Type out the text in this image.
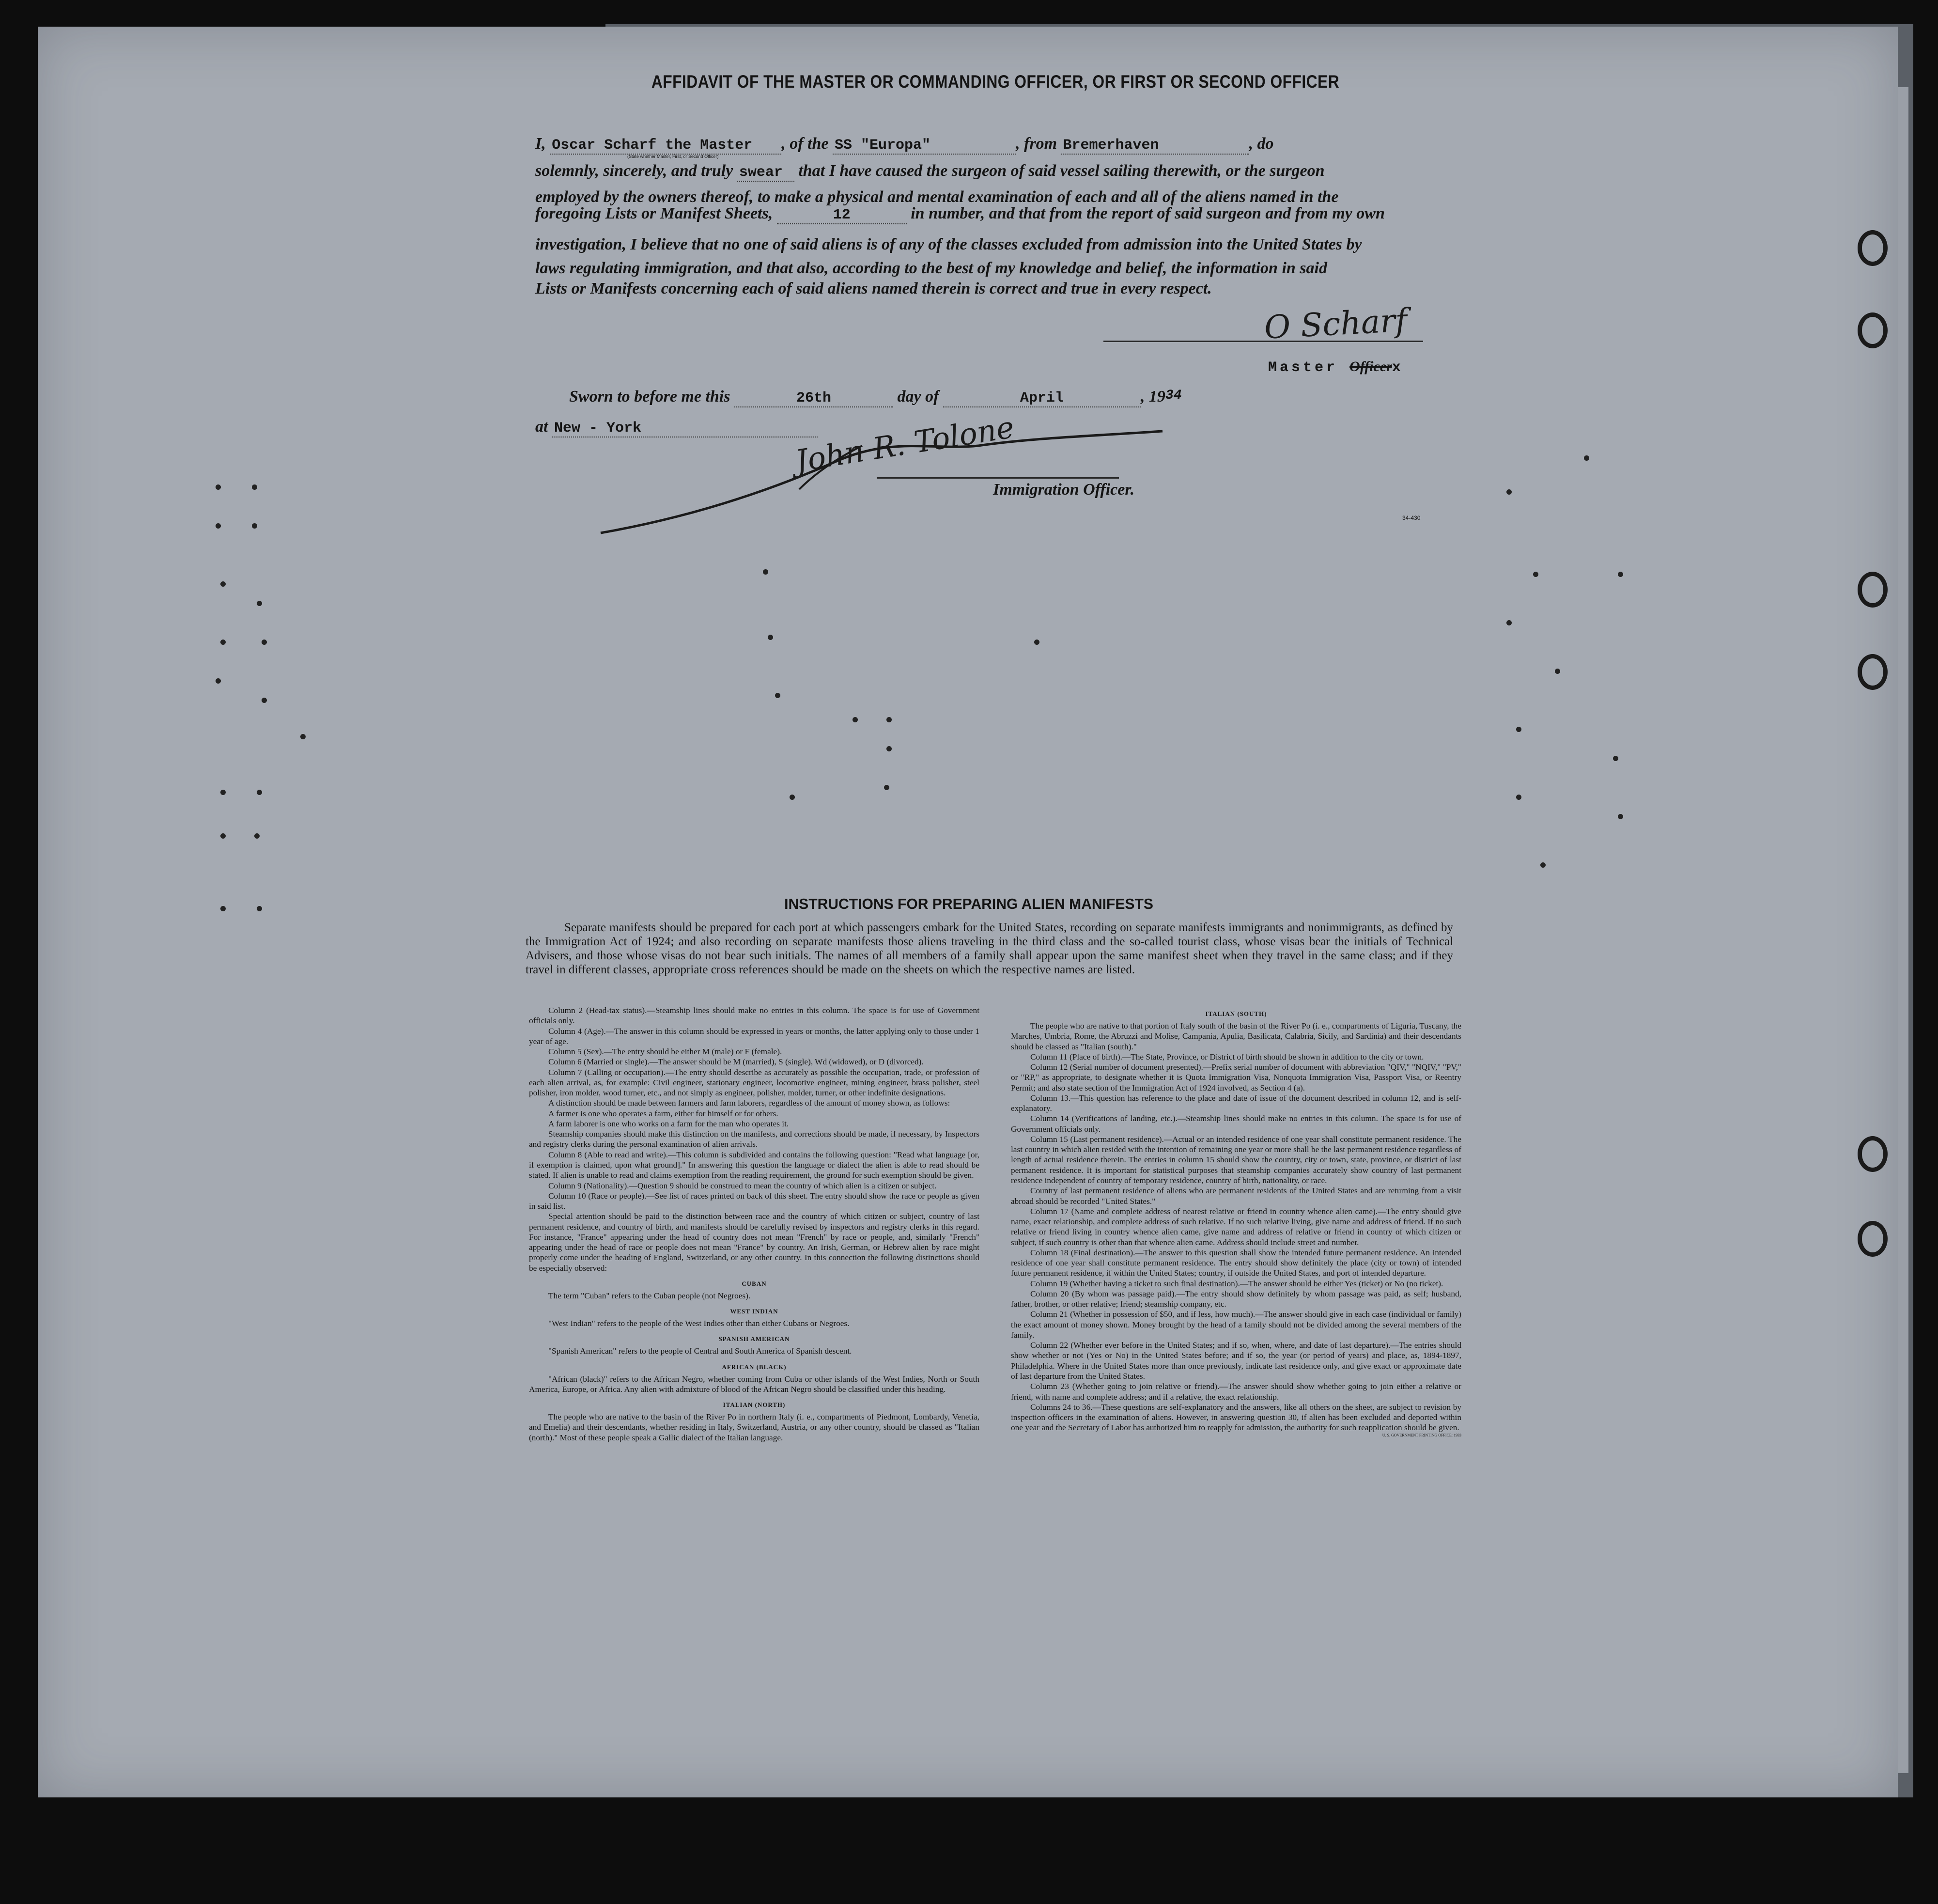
AFFIDAVIT OF THE MASTER OR COMMANDING OFFICER, OR FIRST OR SECOND OFFICER
I, Oscar Scharf the Master , of the SS "Europa"	, from Bremerhaven	, do
(State whether Master, First, or Second Officer)
solemnly, sincerely, and truly swear that I have caused the surgeon of said vessel sailing therewith, or the surgeon
employed by the owners thereof, to make a physical and mental examination of each and all of the aliens named in the
foregoing Lists or Manifest Sheets,	12	in number, and that from the report of said surgeon and from my own
investigation, I believe that no one of said aliens is of any of the classes excluded from admission into the United States by
laws regulating immigration, and that also, according to the best of my knowledge and belief, the information in said
Lists or Manifests concerning each of said aliens named therein is correct and true in every respect.
O Scharf
Master Officerx
Sworn to before me this	26th	day of	April	, 1934
at New - York	John R. Tolone
Immigration Officer.
34-430
INSTRUCTIONS FOR PREPARING ALIEN MANIFESTS
Separate manifests should be prepared for each port at which passengers embark for the United States, recording on separate manifests immigrants and nonimmigrants, as defined by the Immigration Act of 1924; and also recording on separate manifests those aliens traveling in the third class and the so-called tourist class, whose visas bear the initials of Technical Advisers, and those whose visas do not bear such initials. The names of all members of a family shall appear upon the same manifest sheet when they travel in the same class; and if they travel in different classes, appropriate cross references should be made on the sheets on which the respective names are listed.

Column 2 (Head-tax status).—Steamship lines should make no entries in this column. The space is for use of Government officials only.

Column 4 (Age).—The answer in this column should be expressed in years or months, the latter applying only to those under 1 year of age.

Column 5 (Sex).—The entry should be either M (male) or F (female).

Column 6 (Married or single).—The answer should be M (married), S (single), Wd (widowed), or D (divorced).

Column 7 (Calling or occupation).—The entry should describe as accurately as possible the occupation, trade, or profession of each alien arrival, as, for example: Civil engineer, stationary engineer, locomotive engineer, mining engineer, brass polisher, steel polisher, iron molder, wood turner, etc., and not simply as engineer, polisher, molder, turner, or other indefinite designations.

A distinction should be made between farmers and farm laborers, regardless of the amount of money shown, as follows:

A farmer is one who operates a farm, either for himself or for others.

A farm laborer is one who works on a farm for the man who operates it.

Steamship companies should make this distinction on the manifests, and corrections should be made, if necessary, by Inspectors and registry clerks during the personal examination of alien arrivals.

Column 8 (Able to read and write).—This column is subdivided and contains the following question: "Read what language [or, if exemption is claimed, upon what ground]." In answering this question the language or dialect the alien is able to read should be stated. If alien is unable to read and claims exemption from the reading requirement, the ground for such exemption should be given.

Column 9 (Nationality).—Question 9 should be construed to mean the country of which alien is a citizen or subject.

Column 10 (Race or people).—See list of races printed on back of this sheet. The entry should show the race or people as given in said list.

Special attention should be paid to the distinction between race and the country of which citizen or subject, country of last permanent residence, and country of birth, and manifests should be carefully revised by inspectors and registry clerks in this regard. For instance, "France" appearing under the head of country does not mean "French" by race or people, and, similarly "French" appearing under the head of race or people does not mean "France" by country. An Irish, German, or Hebrew alien by race might properly come under the heading of England, Switzerland, or any other country. In this connection the following distinctions should be especially observed:

CUBAN

The term "Cuban" refers to the Cuban people (not Negroes).

WEST INDIAN

"West Indian" refers to the people of the West Indies other than either Cubans or Negroes.

SPANISH AMERICAN

"Spanish American" refers to the people of Central and South America of Spanish descent.

AFRICAN (BLACK)

"African (black)" refers to the African Negro, whether coming from Cuba or other islands of the West Indies, North or South America, Europe, or Africa. Any alien with admixture of blood of the African Negro should be classified under this heading.

ITALIAN (NORTH)

The people who are native to the basin of the River Po in northern Italy (i. e., compartments of Piedmont, Lombardy, Venetia, and Emelia) and their descendants, whether residing in Italy, Switzerland, Austria, or any other country, should be classed as "Italian (north)." Most of these people speak a Gallic dialect of the Italian language.

ITALIAN (SOUTH)

The people who are native to that portion of Italy south of the basin of the River Po (i. e., compartments of Liguria, Tuscany, the Marches, Umbria, Rome, the Abruzzi and Molise, Campania, Apulia, Basilicata, Calabria, Sicily, and Sardinia) and their descendants should be classed as "Italian (south)."

Column 11 (Place of birth).—The State, Province, or District of birth should be shown in addition to the city or town.

Column 12 (Serial number of document presented).—Prefix serial number of document with abbreviation "QIV," "NQIV," "PV," or "RP," as appropriate, to designate whether it is Quota Immigration Visa, Nonquota Immigration Visa, Passport Visa, or Reentry Permit; and also state section of the Immigration Act of 1924 involved, as Section 4 (a).

Column 13.—This question has reference to the place and date of issue of the document described in column 12, and is self-explanatory.

Column 14 (Verifications of landing, etc.).—Steamship lines should make no entries in this column. The space is for use of Government officials only.

Column 15 (Last permanent residence).—Actual or an intended residence of one year shall constitute permanent residence. The last country in which alien resided with the intention of remaining one year or more shall be the last permanent residence regardless of length of actual residence therein. The entries in column 15 should show the country, city or town, state, province, or district of last permanent residence. It is important for statistical purposes that steamship companies accurately show country of last permanent residence independent of country of temporary residence, country of birth, nationality, or race.

Country of last permanent residence of aliens who are permanent residents of the United States and are returning from a visit abroad should be recorded "United States."

Column 17 (Name and complete address of nearest relative or friend in country whence alien came).—The entry should give name, exact relationship, and complete address of such relative. If no such relative living, give name and address of friend. If no such relative or friend living in country whence alien came, give name and address of relative or friend in country of which citizen or subject, if such country is other than that whence alien came. Address should include street and number.

Column 18 (Final destination).—The answer to this question shall show the intended future permanent residence. An intended residence of one year shall constitute permanent residence. The entry should show definitely the place (city or town) of intended future permanent residence, if within the United States; country, if outside the United States, and port of intended departure.

Column 19 (Whether having a ticket to such final destination).—The answer should be either Yes (ticket) or No (no ticket).

Column 20 (By whom was passage paid).—The entry should show definitely by whom passage was paid, as self; husband, father, brother, or other relative; friend; steamship company, etc.

Column 21 (Whether in possession of $50, and if less, how much).—The answer should give in each case (individual or family) the exact amount of money shown. Money brought by the head of a family should not be divided among the several members of the family.

Column 22 (Whether ever before in the United States; and if so, when, where, and date of last departure).—The entries should show whether or not (Yes or No) in the United States before; and if so, the year (or period of years) and place, as, 1894-1897, Philadelphia. Where in the United States more than once previously, indicate last residence only, and give exact or approximate date of last departure from the United States.

Column 23 (Whether going to join relative or friend).—The answer should show whether going to join either a relative or friend, with name and complete address; and if a relative, the exact relationship.

Columns 24 to 36.—These questions are self-explanatory and the answers, like all others on the sheet, are subject to revision by inspection officers in the examination of aliens. However, in answering question 30, if alien has been excluded and deported within one year and the Secretary of Labor has authorized him to reapply for admission, the authority for such reapplication should be given.

U. S. GOVERNMENT PRINTING OFFICE: 1933
